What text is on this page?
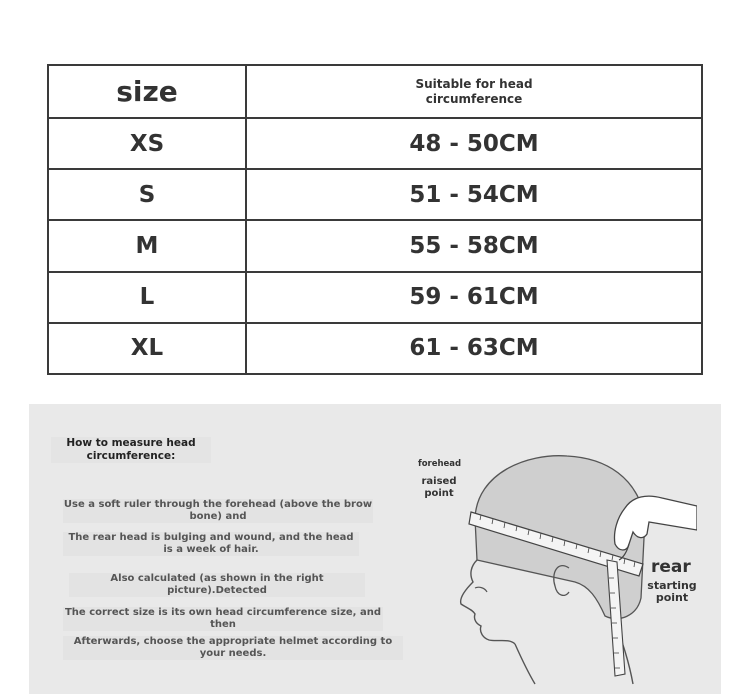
size	Suitable for head circumference

XS	48 - 50CM
S	51 - 54CM
M	55 - 58CM
L	59 - 61CM
XL	61 - 63CM
How to measure head circumference:
Use a soft ruler through the forehead (above the brow bone) and
The rear head is bulging and wound, and the head is a week of hair.
Also calculated (as shown in the right picture).Detected
The correct size is its own head circumference size, and then
Afterwards, choose the appropriate helmet according to your needs.
forehead
raised point
rear
starting point
